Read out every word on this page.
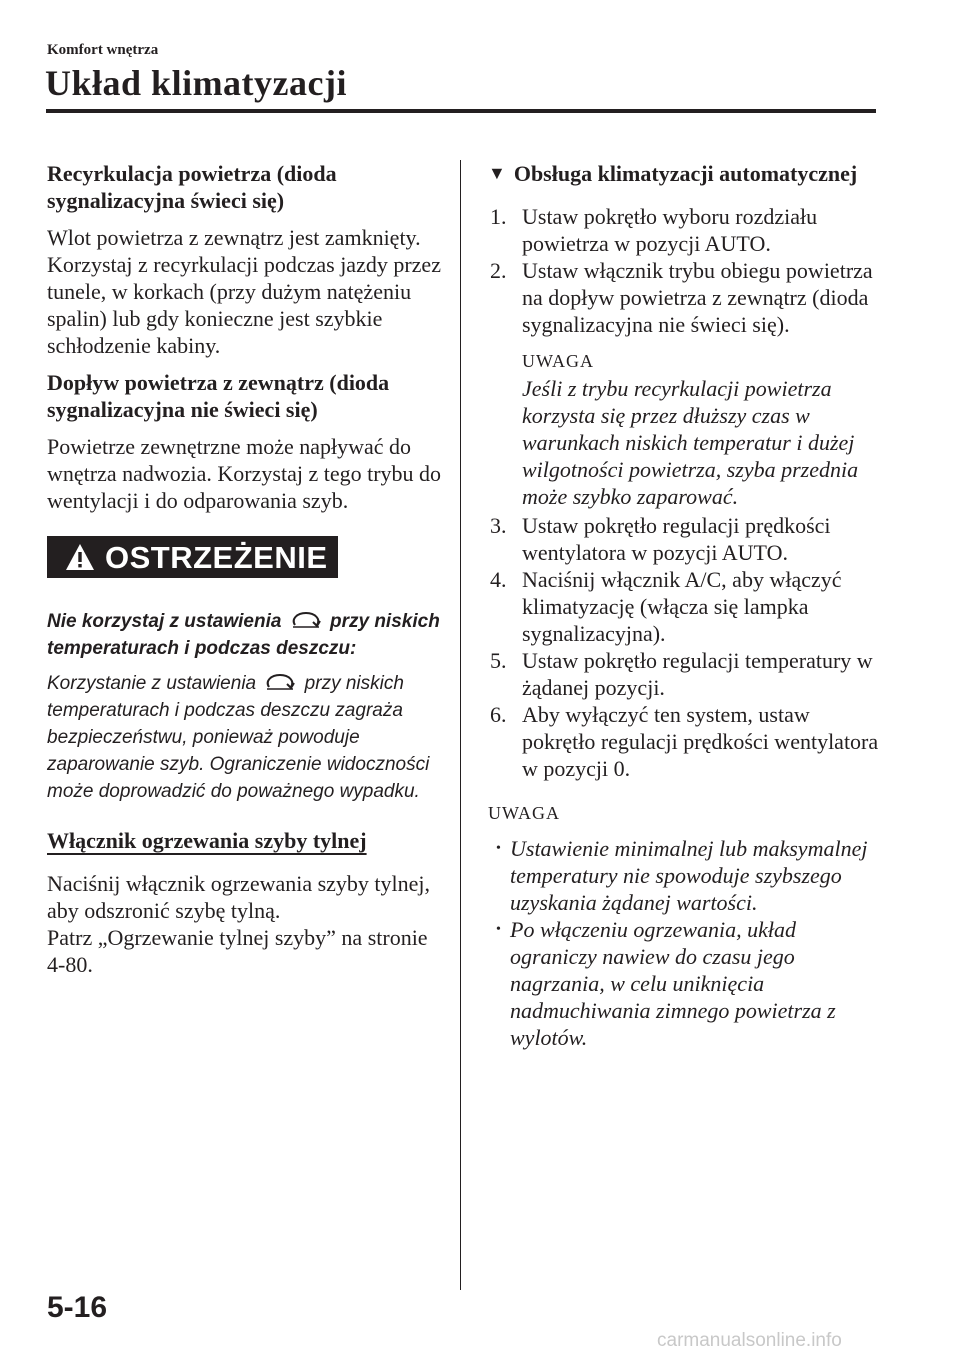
Komfort wnętrza
Układ klimatyzacji
Recyrkulacja powietrza (dioda sygnalizacyjna świeci się)
Wlot powietrza z zewnątrz jest zamknięty. Korzystaj z recyrkulacji podczas jazdy przez tunele, w korkach (przy dużym natężeniu spalin) lub gdy konieczne jest szybkie schłodzenie kabiny.
Dopływ powietrza z zewnątrz (dioda sygnalizacyjna nie świeci się)
Powietrze zewnętrzne może napływać do wnętrza nadwozia. Korzystaj z tego trybu do wentylacji i do odparowania szyb.
OSTRZEŻENIE
Nie korzystaj z ustawienia	przy niskich temperaturach i podczas deszczu:
Korzystanie z ustawienia	przy niskich temperaturach i podczas deszczu zagraża bezpieczeństwu, ponieważ powoduje zaparowanie szyb. Ograniczenie widoczności może doprowadzić do poważnego wypadku.
Włącznik ogrzewania szyby tylnej
Naciśnij włącznik ogrzewania szyby tylnej, aby odszronić szybę tylną.
Patrz „Ogrzewanie tylnej szyby” na stronie 4-80.
▼ Obsługa klimatyzacji automatycznej
1. Ustaw pokrętło wyboru rozdziału powietrza w pozycji AUTO.
2. Ustaw włącznik trybu obiegu powietrza na dopływ powietrza z zewnątrz (dioda sygnalizacyjna nie świeci się).
UWAGA
Jeśli z trybu recyrkulacji powietrza korzysta się przez dłuższy czas w warunkach niskich temperatur i dużej wilgotności powietrza, szyba przednia może szybko zaparować.
3. Ustaw pokrętło regulacji prędkości wentylatora w pozycji AUTO.
4. Naciśnij włącznik A/C, aby włączyć klimatyzację (włącza się lampka sygnalizacyjna).
5. Ustaw pokrętło regulacji temperatury w żądanej pozycji.
6. Aby wyłączyć ten system, ustaw pokrętło regulacji prędkości wentylatora w pozycji 0.
UWAGA
• Ustawienie minimalnej lub maksymalnej temperatury nie spowoduje szybszego uzyskania żądanej wartości.
• Po włączeniu ogrzewania, układ ograniczy nawiew do czasu jego nagrzania, w celu uniknięcia nadmuchiwania zimnego powietrza z wylotów.
5-16
carmanualsonline.info
